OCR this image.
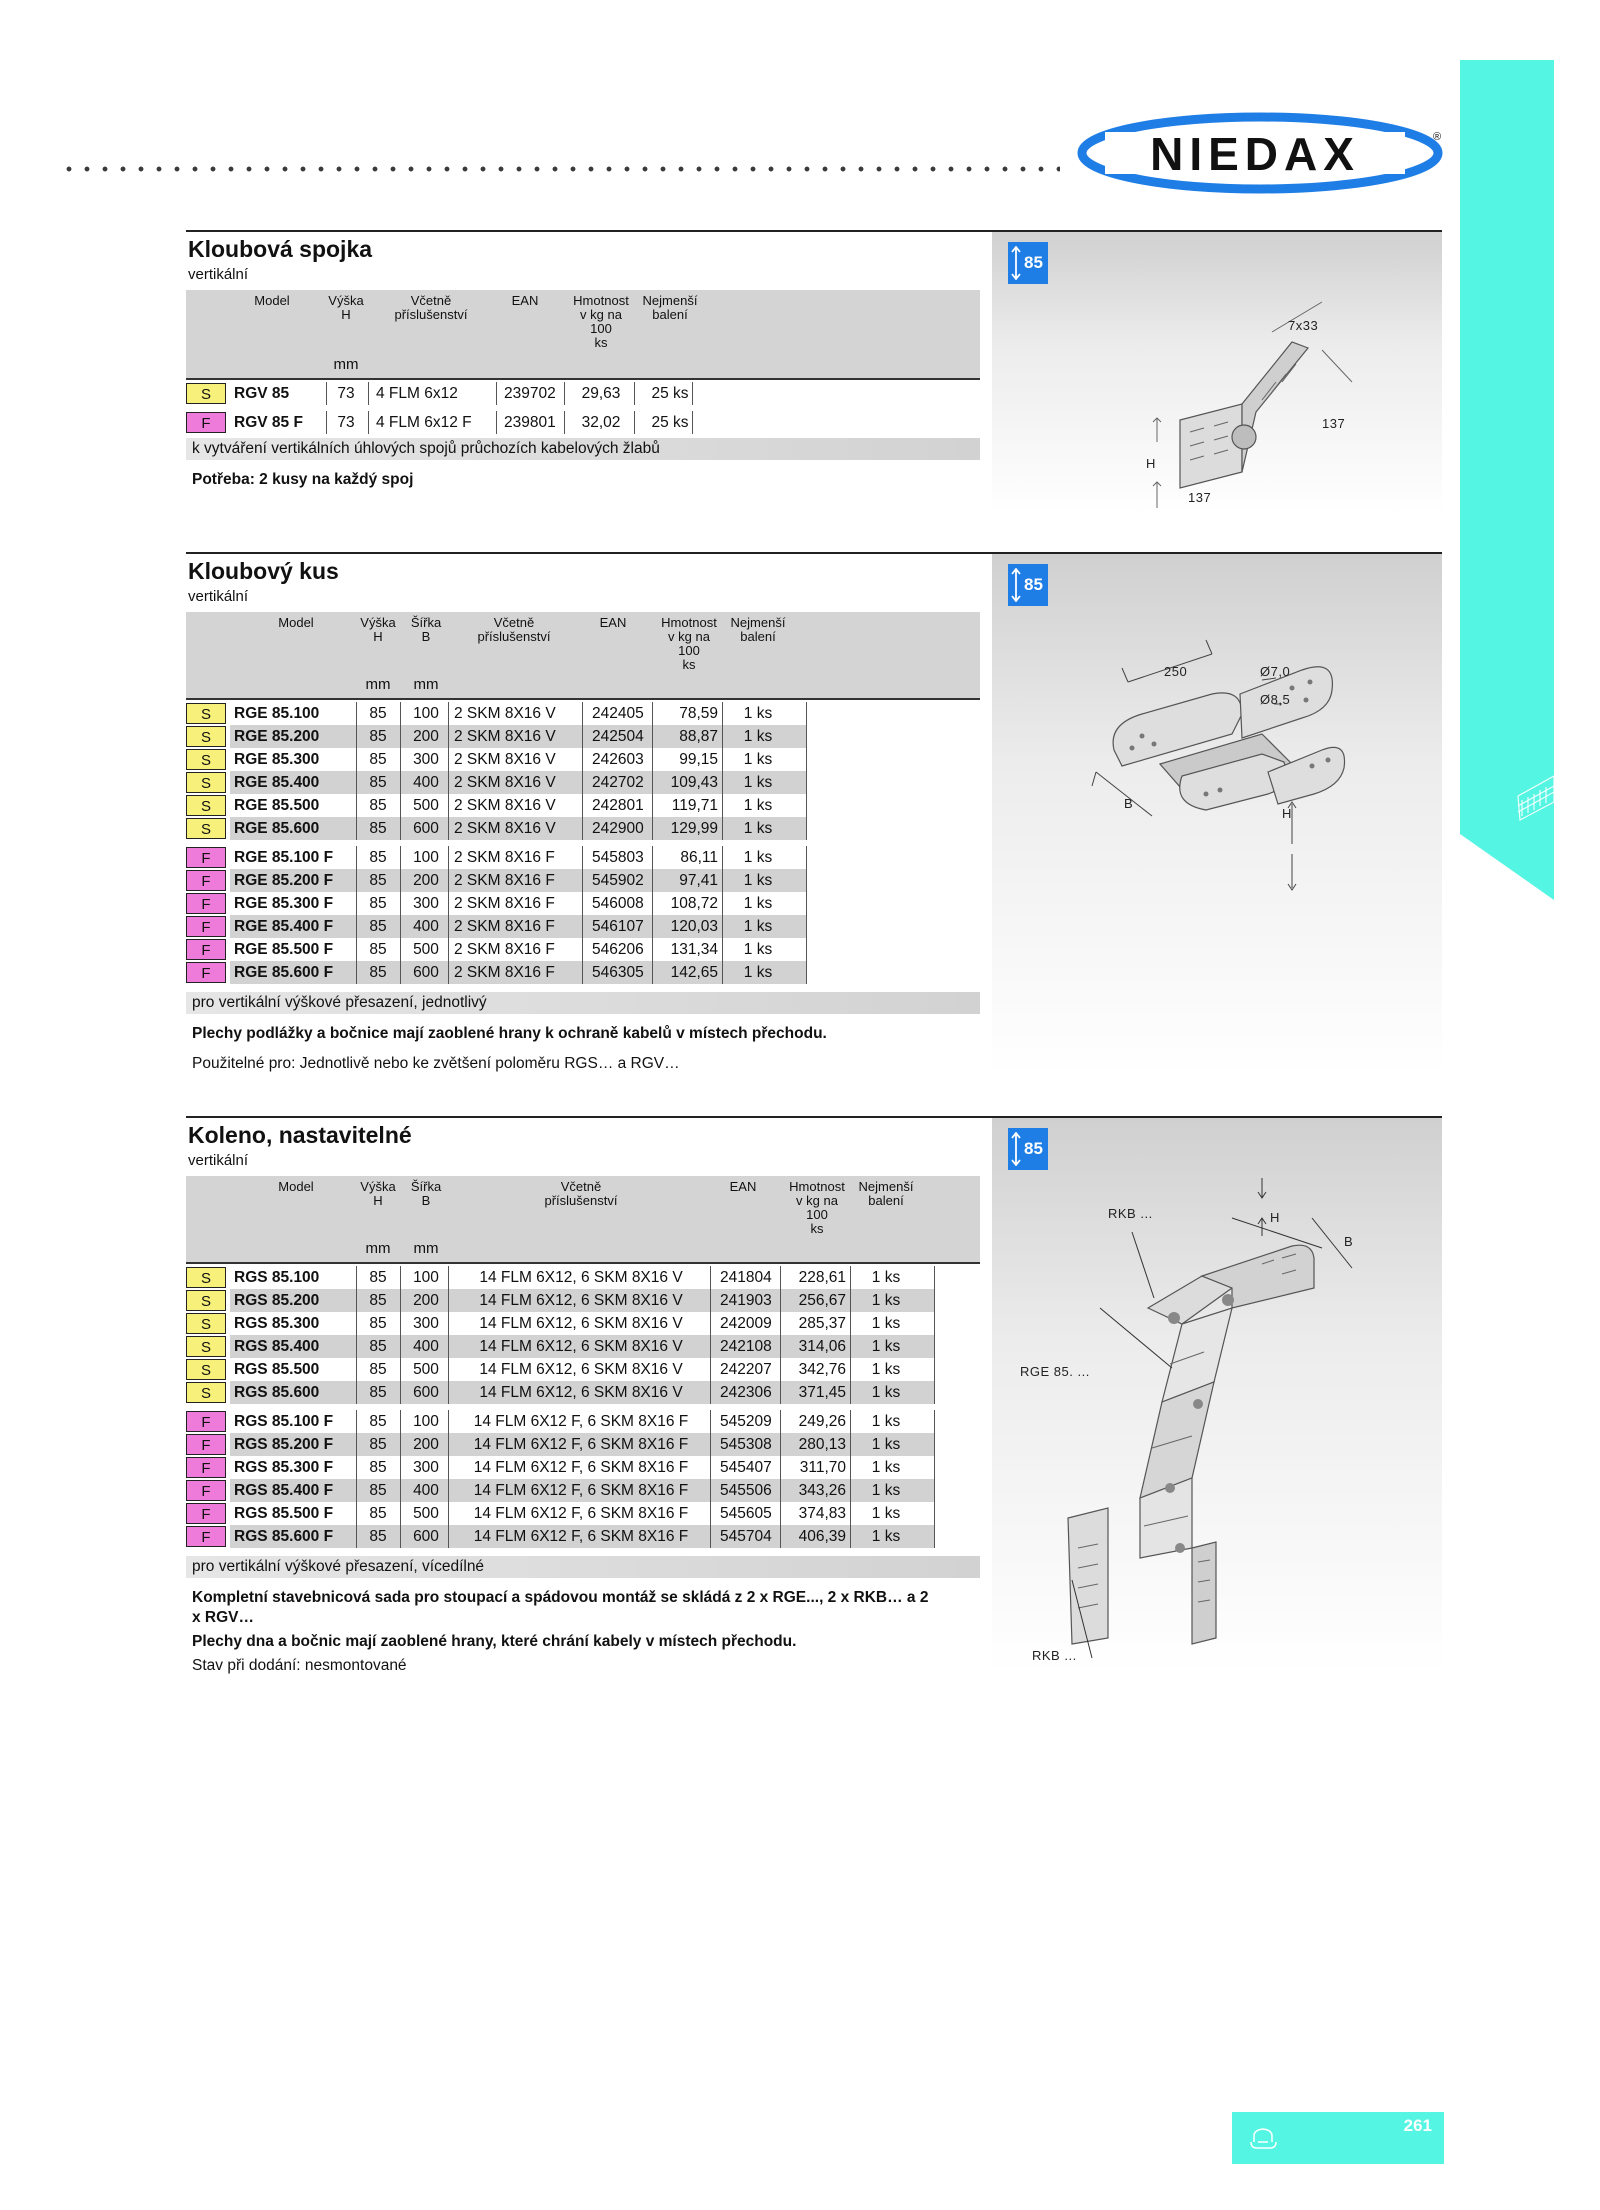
NIEDAX	®
Kloubová spojka
vertikální
Model	Výška
H
Včetně
příslušenství
EAN	Hmotnost
v kg na
100
ks
Nejmenší
balení
mm
S	RGV 85	73	4 FLM 6x12	239702	29,63	25 ks
F	RGV 85 F	73	4 FLM 6x12 F	239801	32,02	25 ks
k vytváření vertikálních úhlových spojů průchozích kabelových žlabů
Potřeba: 2 kusy na každý spoj
85
7x33
137
H
137
Kloubový kus
vertikální
Model	Výška
H
Šířka
B
Včetně
příslušenství
EAN	Hmotnost
v kg na
100
ks
Nejmenší
balení
mm	mm
S	RGE 85.100	85	100 2 SKM 8X16 V	242405	78,59	1 ks
S	RGE 85.200	85	200 2 SKM 8X16 V	242504	88,87	1 ks
S	RGE 85.300	85	300 2 SKM 8X16 V	242603	99,15	1 ks
S	RGE 85.400	85	400 2 SKM 8X16 V	242702	109,43	1 ks
S	RGE 85.500	85	500 2 SKM 8X16 V	242801	119,71	1 ks
S	RGE 85.600	85	600 2 SKM 8X16 V	242900	129,99	1 ks
F	RGE 85.100 F	85	100 2 SKM 8X16 F	545803	86,11	1 ks
F	RGE 85.200 F	85	200 2 SKM 8X16 F	545902	97,41	1 ks
F	RGE 85.300 F	85	300 2 SKM 8X16 F	546008	108,72	1 ks
F	RGE 85.400 F	85	400 2 SKM 8X16 F	546107	120,03	1 ks
F	RGE 85.500 F	85	500 2 SKM 8X16 F	546206	131,34	1 ks
F	RGE 85.600 F	85	600 2 SKM 8X16 F	546305	142,65	1 ks
pro vertikální výškové přesazení, jednotlivý
Plechy podlážky a bočnice mají zaoblené hrany k ochraně kabelů v místech přechodu.
Použitelné pro: Jednotlivě nebo ke zvětšení poloměru RGS… a RGV…
85
250	Ø7,0
Ø8,5
B
H
Koleno, nastavitelné
vertikální
Model	Výška
H
Šířka
B
Včetně
příslušenství
EAN	Hmotnost
v kg na
100
ks
Nejmenší
balení
mm	mm
S	RGS 85.100	85	100	14 FLM 6X12, 6 SKM 8X16 V	241804	228,61	1 ks
S	RGS 85.200	85	200	14 FLM 6X12, 6 SKM 8X16 V	241903	256,67	1 ks
S	RGS 85.300	85	300	14 FLM 6X12, 6 SKM 8X16 V	242009	285,37	1 ks
S	RGS 85.400	85	400	14 FLM 6X12, 6 SKM 8X16 V	242108	314,06	1 ks
S	RGS 85.500	85	500	14 FLM 6X12, 6 SKM 8X16 V	242207	342,76	1 ks
S	RGS 85.600	85	600	14 FLM 6X12, 6 SKM 8X16 V	242306	371,45	1 ks
F	RGS 85.100 F	85	100	14 FLM 6X12 F, 6 SKM 8X16 F	545209	249,26	1 ks
F	RGS 85.200 F	85	200	14 FLM 6X12 F, 6 SKM 8X16 F	545308	280,13	1 ks
F	RGS 85.300 F	85	300	14 FLM 6X12 F, 6 SKM 8X16 F	545407	311,70	1 ks
F	RGS 85.400 F	85	400	14 FLM 6X12 F, 6 SKM 8X16 F	545506	343,26	1 ks
F	RGS 85.500 F	85	500	14 FLM 6X12 F, 6 SKM 8X16 F	545605	374,83	1 ks
F	RGS 85.600 F	85	600	14 FLM 6X12 F, 6 SKM 8X16 F	545704	406,39	1 ks
pro vertikální výškové přesazení, vícedílné
Kompletní stavebnicová sada pro stoupací a spádovou montáž se skládá z 2 x RGE..., 2 x RKB… a 2 x RGV…
Plechy dna a bočnic mají zaoblené hrany, které chrání kabely v místech přechodu.
Stav při dodání: nesmontované
85
RKB ...	H
B
RGE 85. ...
RKB ...
261
